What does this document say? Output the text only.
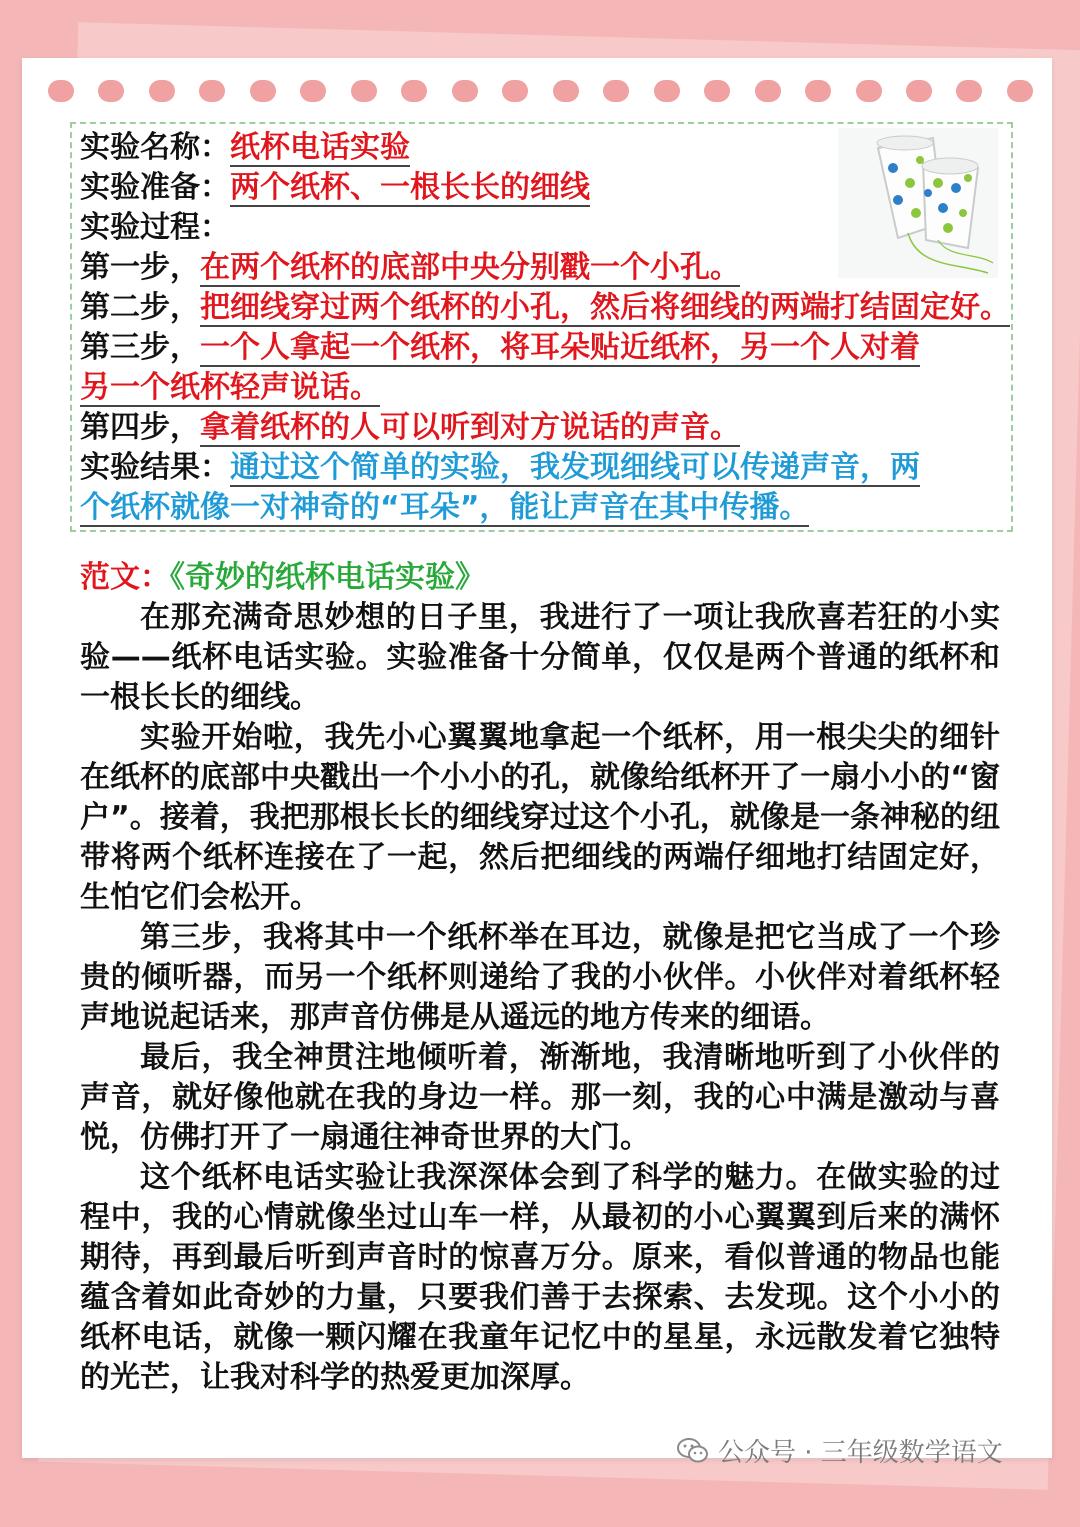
实验名称：纸杯电话实验
实验准备：两个纸杯、一根长长的细线
实验过程：
第一步，在两个纸杯的底部中央分别戳一个小孔。
第二步，把细线穿过两个纸杯的小孔，然后将细线的两端打结固定好。
第三步，一个人拿起一个纸杯，将耳朵贴近纸杯，另一个人对着
另一个纸杯轻声说话。
第四步，拿着纸杯的人可以听到对方说话的声音。
实验结果：通过这个简单的实验，我发现细线可以传递声音，两
个纸杯就像一对神奇的“耳朵”，能让声音在其中传播。
范文：《奇妙的纸杯电话实验》

在那充满奇思妙想的日子里，我进行了一项让我欣喜若狂的小实验——纸杯电话实验。实验准备十分简单，仅仅是两个普通的纸杯和一根长长的细线。

实验开始啦，我先小心翼翼地拿起一个纸杯，用一根尖尖的细针在纸杯的底部中央戳出一个小小的孔，就像给纸杯开了一扇小小的“窗户”。接着，我把那根长长的细线穿过这个小孔，就像是一条神秘的纽带将两个纸杯连接在了一起，然后把细线的两端仔细地打结固定好，生怕它们会松开。

第三步，我将其中一个纸杯举在耳边，就像是把它当成了一个珍贵的倾听器，而另一个纸杯则递给了我的小伙伴。小伙伴对着纸杯轻声地说起话来，那声音仿佛是从遥远的地方传来的细语。

最后，我全神贯注地倾听着，渐渐地，我清晰地听到了小伙伴的声音，就好像他就在我的身边一样。那一刻，我的心中满是激动与喜悦，仿佛打开了一扇通往神奇世界的大门。

这个纸杯电话实验让我深深体会到了科学的魅力。在做实验的过程中，我的心情就像坐过山车一样，从最初的小心翼翼到后来的满怀期待，再到最后听到声音时的惊喜万分。原来，看似普通的物品也能蕴含着如此奇妙的力量，只要我们善于去探索、去发现。这个小小的纸杯电话，就像一颗闪耀在我童年记忆中的星星，永远散发着它独特的光芒，让我对科学的热爱更加深厚。

公众号 · 三年级数学语文
